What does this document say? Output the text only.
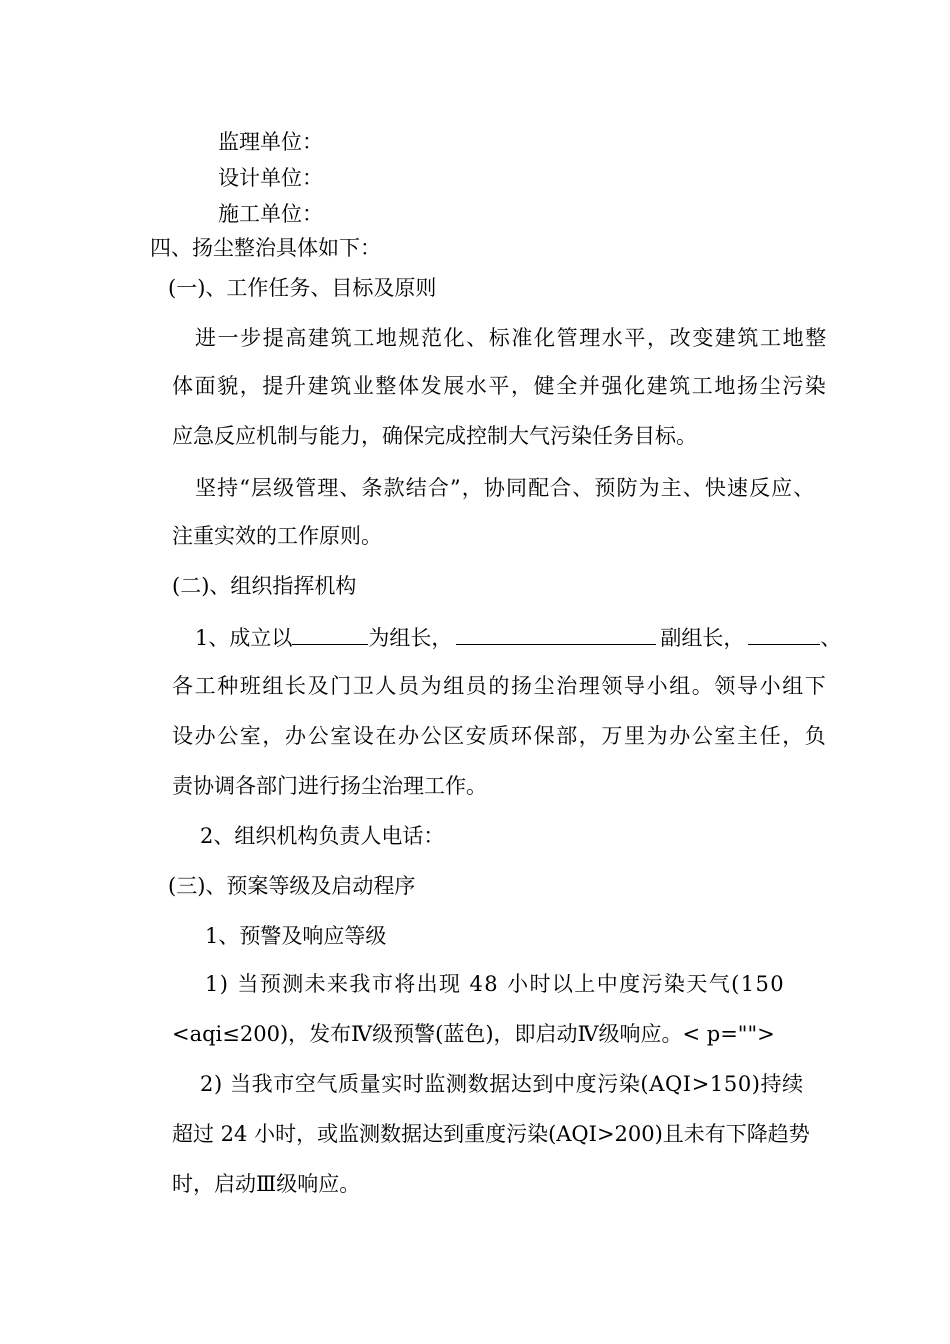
监理单位：
设计单位：
施工单位：
四、扬尘整治具体如下：
(一)、工作任务、目标及原则
进一步提高建筑工地规范化、标准化管理水平，改变建筑工地整
体面貌，提升建筑业整体发展水平，健全并强化建筑工地扬尘污染
应急反应机制与能力，确保完成控制大气污染任务目标。
坚持“层级管理、条款结合”，协同配合、预防为主、快速反应、
注重实效的工作原则。
(二)、组织指挥机构
1、成立以	为组长，	副组长，	、
各工种班组长及门卫人员为组员的扬尘治理领导小组。领导小组下
设办公室，办公室设在办公区安质环保部，万里为办公室主任，负
责协调各部门进行扬尘治理工作。
2、组织机构负责人电话：
(三)、预案等级及启动程序
1、预警及响应等级
1) 当预测未来我市将出现 48 小时以上中度污染天气(150
<aqi≤200)，发布Ⅳ级预警(蓝色)，即启动Ⅳ级响应。< p="">
2) 当我市空气质量实时监测数据达到中度污染(AQI>150)持续
超过 24 小时，或监测数据达到重度污染(AQI>200)且未有下降趋势
时，启动Ⅲ级响应。
